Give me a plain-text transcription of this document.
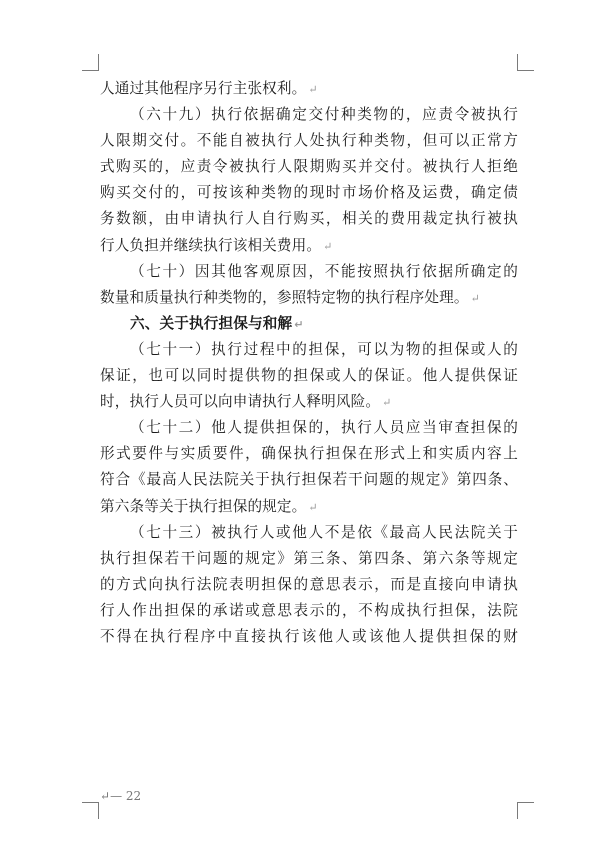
人通过其他程序另行主张权利。 ↵
（六十九）执行依据确定交付种类物的，应责令被执行
人限期交付。不能自被执行人处执行种类物，但可以正常方
式购买的，应责令被执行人限期购买并交付。被执行人拒绝
购买交付的，可按该种类物的现时市场价格及运费，确定债
务数额，由申请执行人自行购买，相关的费用裁定执行被执
行人负担并继续执行该相关费用。 ↵
（七十）因其他客观原因，不能按照执行依据所确定的
数量和质量执行种类物的，参照特定物的执行程序处理。 ↵
六、关于执行担保与和解 ↵
（七十一）执行过程中的担保，可以为物的担保或人的
保证，也可以同时提供物的担保或人的保证。他人提供保证
时，执行人员可以向申请执行人释明风险。 ↵
（七十二）他人提供担保的，执行人员应当审查担保的
形式要件与实质要件，确保执行担保在形式上和实质内容上
符合《最高人民法院关于执行担保若干问题的规定》第四条、
第六条等关于执行担保的规定。 ↵
（七十三）被执行人或他人不是依《最高人民法院关于
执行担保若干问题的规定》第三条、第四条、第六条等规定
的方式向执行法院表明担保的意思表示，而是直接向申请执
行人作出担保的承诺或意思表示的，不构成执行担保，法院
不得在执行程序中直接执行该他人或该他人提供担保的财
↵— 22
